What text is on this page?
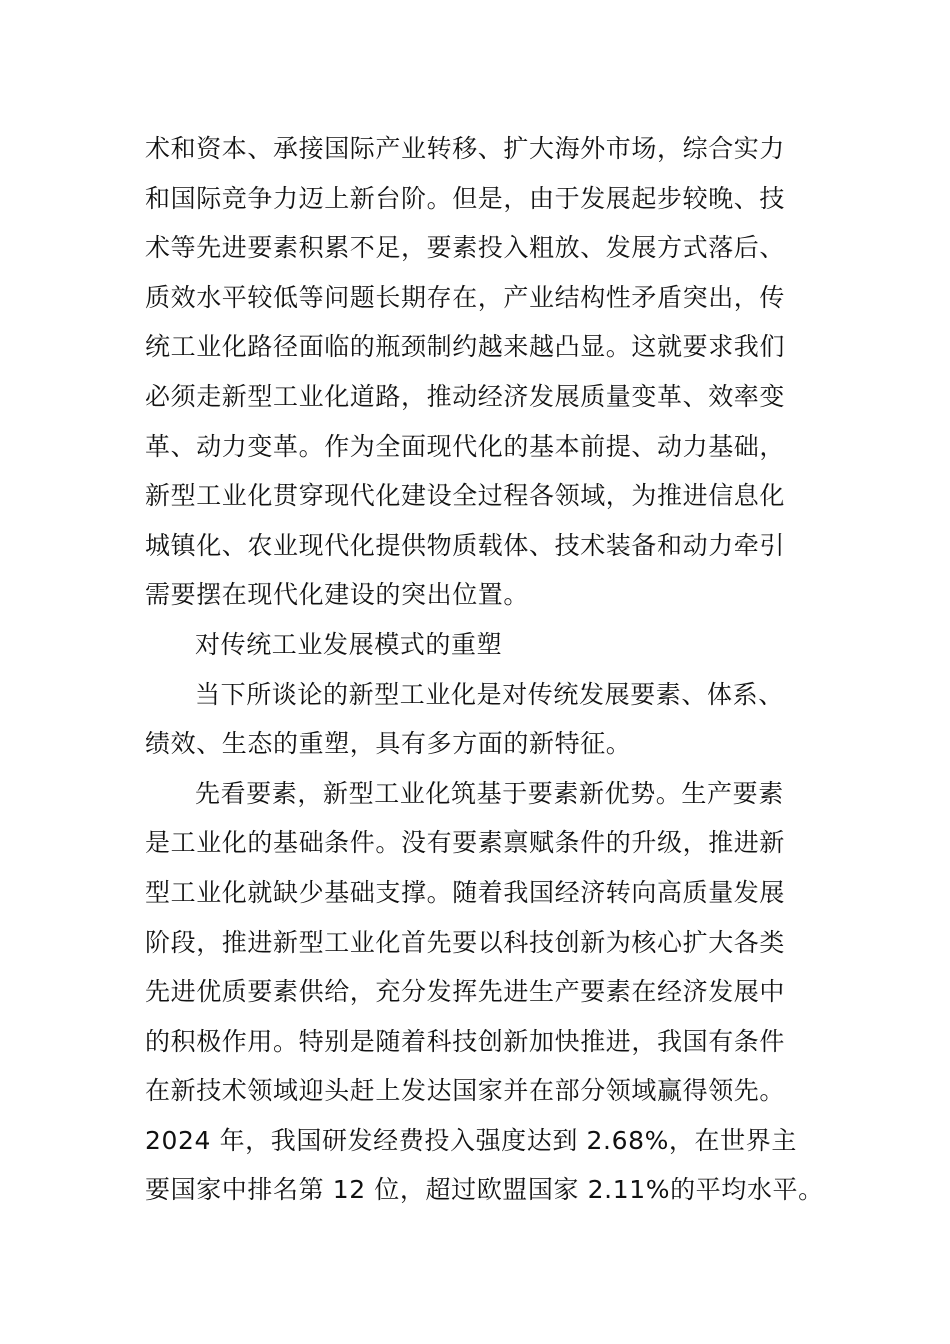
术和资本、承接国际产业转移、扩大海外市场，综合实力
和国际竞争力迈上新台阶。但是，由于发展起步较晚、技
术等先进要素积累不足，要素投入粗放、发展方式落后、
质效水平较低等问题长期存在，产业结构性矛盾突出，传
统工业化路径面临的瓶颈制约越来越凸显。这就要求我们
必须走新型工业化道路，推动经济发展质量变革、效率变
革、动力变革。作为全面现代化的基本前提、动力基础，
新型工业化贯穿现代化建设全过程各领域，为推进信息化
城镇化、农业现代化提供物质载体、技术装备和动力牵引
需要摆在现代化建设的突出位置。
对传统工业发展模式的重塑
当下所谈论的新型工业化是对传统发展要素、体系、
绩效、生态的重塑，具有多方面的新特征。
先看要素，新型工业化筑基于要素新优势。生产要素
是工业化的基础条件。没有要素禀赋条件的升级，推进新
型工业化就缺少基础支撑。随着我国经济转向高质量发展
阶段，推进新型工业化首先要以科技创新为核心扩大各类
先进优质要素供给，充分发挥先进生产要素在经济发展中
的积极作用。特别是随着科技创新加快推进，我国有条件
在新技术领域迎头赶上发达国家并在部分领域赢得领先。
2024 年，我国研发经费投入强度达到 2.68%，在世界主
要国家中排名第 12 位，超过欧盟国家 2.11%的平均水平。
